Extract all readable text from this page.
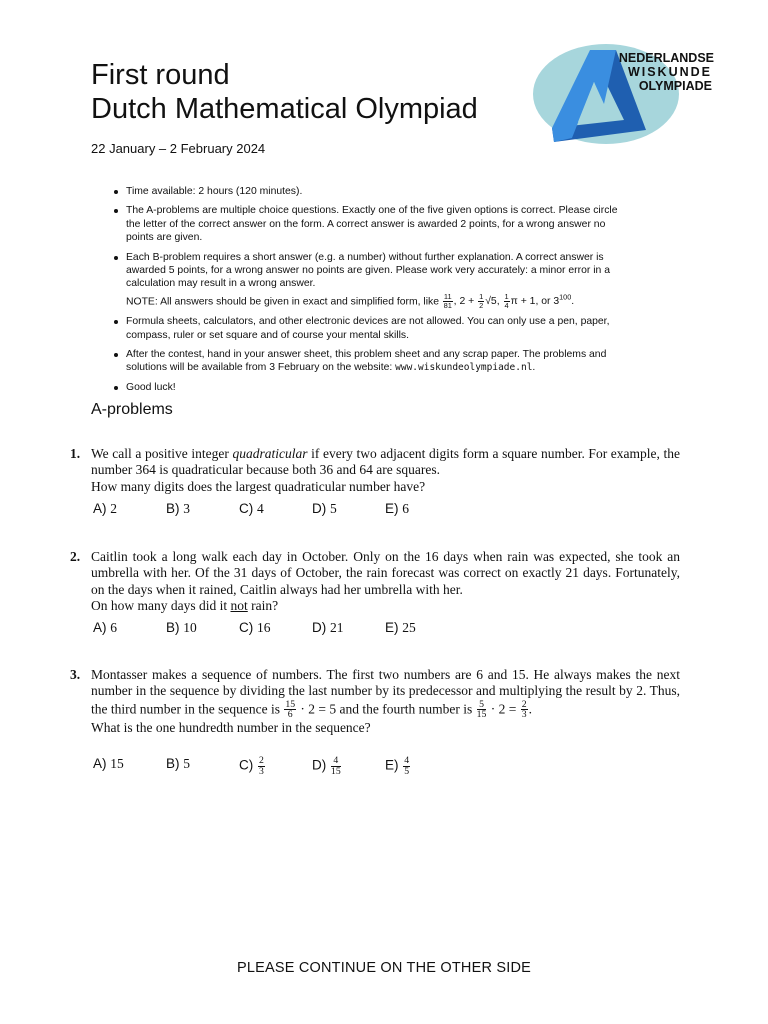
First round
Dutch Mathematical Olympiad
22 January – 2 February 2024
NEDERLANDSE
WISKUNDE
OLYMPIADE
Time available: 2 hours (120 minutes).
The A-problems are multiple choice questions. Exactly one of the five given options is correct. Please circle the letter of the correct answer on the form. A correct answer is awarded 2 points, for a wrong answer no points are given.
Each B-problem requires a short answer (e.g. a number) without further explanation. A correct answer is awarded 5 points, for a wrong answer no points are given. Please work very accurately: a minor error in a calculation may result in a wrong answer.
NOTE: All answers should be given in exact and simplified form, like $\frac{11}{81}$ , $2 + \frac{1}{2} √5$, $\frac{1}{4}$ π + 1, or $3^{100}$.
Formula sheets, calculators, and other electronic devices are not allowed. You can only use a pen, paper, compass, ruler or set square and of course your mental skills.
After the contest, hand in your answer sheet, this problem sheet and any scrap paper. The problems and solutions will be available from 3 February on the website: www.wiskundeolympiade.nl.
Good luck!
A-problems
1. We call a positive integer quadraticular if every two adjacent digits form a square number. For example, the number 364 is quadraticular because both 36 and 64 are squares.
How many digits does the largest quadraticular number have?
A) 2	B) 3	C) 4	D) 5	E) 6
2. Caitlin took a long walk each day in October. Only on the 16 days when rain was expected, she took an umbrella with her. Of the 31 days of October, the rain forecast was correct on exactly 21 days. Fortunately, on the days when it rained, Caitlin always had her umbrella with her.
On how many days did it not rain?
A) 6	B) 10	C) 16	D) 21	E) 25
3. Montasser makes a sequence of numbers. The first two numbers are 6 and 15. He always makes the next number in the sequence by dividing the last number by its predecessor and multiplying the result by 2. Thus, the third number in the sequence is $\frac{15}{6} \cdot 2 = 5$ and the fourth number is $\frac{5}{15} \cdot 2 = \frac{2}{3}$ .
What is the one hundredth number in the sequence?
A) 15	B) 5	$C) \frac{2}{3}$	$D) \frac{4}{15}$	$E) \frac{4}{5}$
PLEASE CONTINUE ON THE OTHER SIDE
